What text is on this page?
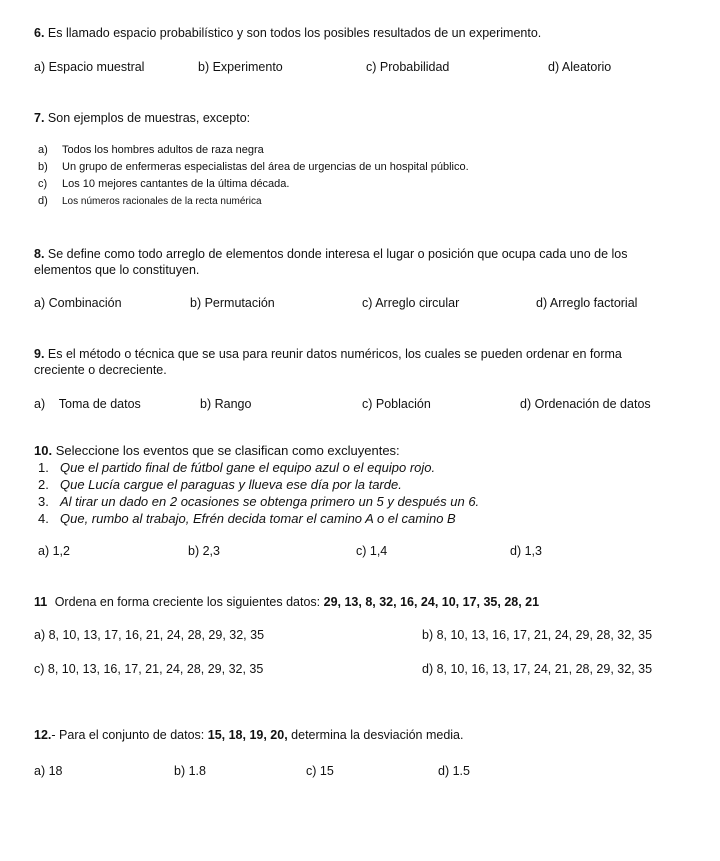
6. Es llamado espacio probabilístico y son todos los posibles resultados de un experimento.
a) Espacio muestral	b) Experimento	c) Probabilidad	d) Aleatorio
7. Son ejemplos de muestras, excepto:
a) Todos los hombres adultos de raza negra
b) Un grupo de enfermeras especialistas del área de urgencias de un hospital público.
c) Los 10 mejores cantantes de la última década.
d) Los números racionales de la recta numérica
8. Se define como todo arreglo de elementos donde interesa el lugar o posición que ocupa cada uno de los elementos que lo constituyen.
a) Combinación	b) Permutación	c) Arreglo circular	d) Arreglo factorial
9. Es el método o técnica que se usa para reunir datos numéricos, los cuales se pueden ordenar en forma creciente o decreciente.
a)    Toma de datos	b) Rango	c) Población	d) Ordenación de datos
10. Seleccione los eventos que se clasifican como excluyentes:
1. Que el partido final de fútbol gane el equipo azul o el equipo rojo.
2. Que Lucía cargue el paraguas y llueva ese día por la tarde.
3. Al tirar un dado en 2 ocasiones se obtenga primero un 5 y después un 6.
4. Que, rumbo al trabajo, Efrén decida tomar el camino A o el camino B
a) 1,2	b) 2,3	c) 1,4	d) 1,3
11 Ordena en forma creciente los siguientes datos: 29, 13, 8, 32, 16, 24, 10, 17, 35, 28, 21
a) 8, 10, 13, 17, 16, 21, 24, 28, 29, 32, 35	b) 8, 10, 13, 16, 17, 21, 24, 29, 28, 32, 35
c) 8, 10, 13, 16, 17, 21, 24, 28, 29, 32, 35	d) 8, 10, 16, 13, 17, 24, 21, 28, 29, 32, 35
12.- Para el conjunto de datos: 15, 18, 19, 20, determina la desviación media.
a) 18	b) 1.8	c) 15	d) 1.5
